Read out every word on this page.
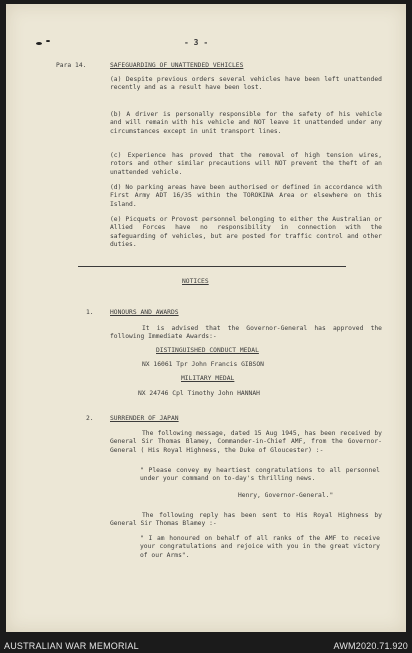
- 3 -

Para 14.	SAFEGUARDING OF UNATTENDED VEHICLES

(a) Despite previous orders several vehicles have been left unattended recently and as a result have been lost.

(b) A driver is personally responsible for the safety of his vehicle and will remain with his vehicle and NOT leave it unattended under any circumstances except in unit transport lines.

(c) Experience has proved that the removal of high tension wires, rotors and other similar precautions will NOT prevent the theft of an unattended vehicle.

(d) No parking areas have been authorised or defined in accordance with First Army ADT 16/35 within the TOROKINA Area or elsewhere on this Island.

(e) Picquets or Provost personnel belonging to either the Australian or Allied Forces have no responsibility in connection with the safeguarding of vehicles, but are posted for traffic control and other duties.

NOTICES

1.	HONOURS AND AWARDS

It is advised that the Governor-General has approved the following Immediate Awards:-

DISTINGUISHED CONDUCT MEDAL

NX 16061 Tpr John Francis GIBSON

MILITARY MEDAL

NX 24746 Cpl Timothy John HANNAH

2.	SURRENDER OF JAPAN

The following message, dated 15 Aug 1945, has been received by General Sir Thomas Blamey, Commander-in-Chief AMF, from the Governor-General ( His Royal Highness, the Duke of Gloucester) :-

" Please convey my heartiest congratulations to all personnel under your command on to-day's thrilling news.

Henry, Governor-General."

The following reply has been sent to His Royal Highness by General Sir Thomas Blamey :-

" I am honoured on behalf of all ranks of the AMF to receive your congratulations and rejoice with you in the great victory of our Arms".

AUSTRALIAN WAR MEMORIAL	AWM2020.71.920
